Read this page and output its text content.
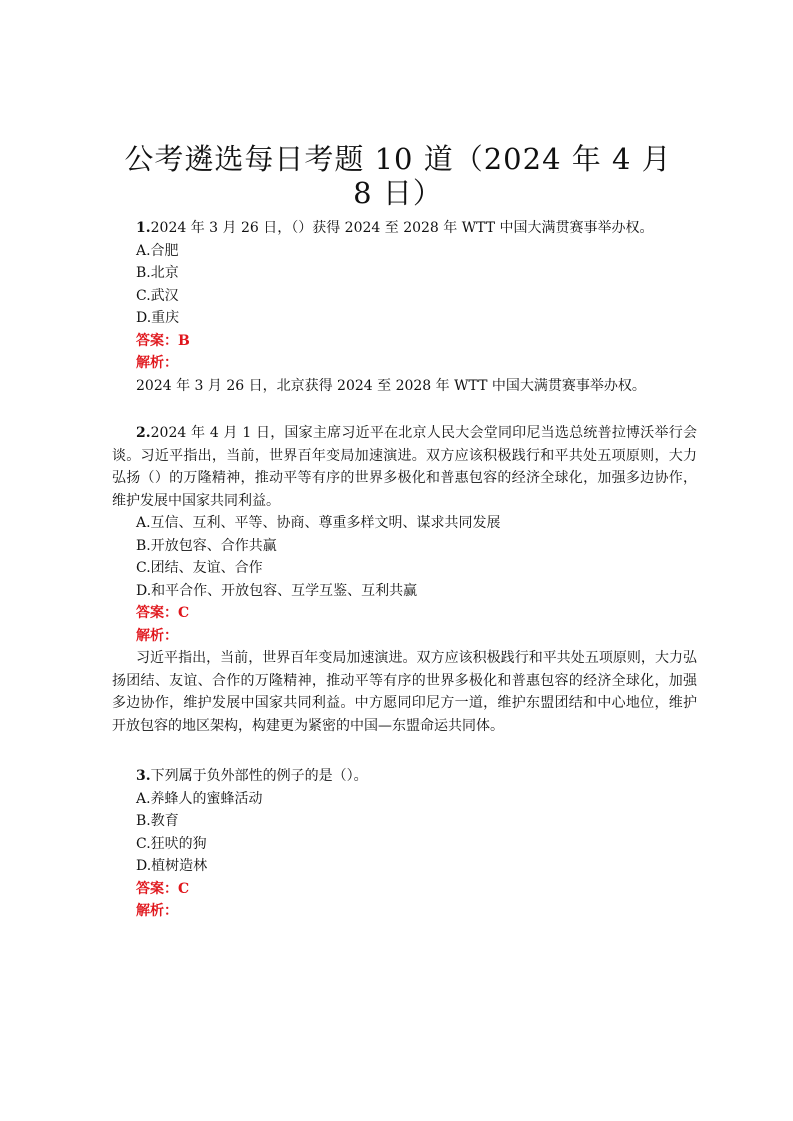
公考遴选每日考题 10 道（2024 年 4 月 8 日）
1.2024 年 3 月 26 日，（）获得 2024 至 2028 年 WTT 中国大满贯赛事举办权。
A.合肥
B.北京
C.武汉
D.重庆
答案：B
解析：
2024 年 3 月 26 日，北京获得 2024 至 2028 年 WTT 中国大满贯赛事举办权。
2.2024 年 4 月 1 日，国家主席习近平在北京人民大会堂同印尼当选总统普拉博沃举行会谈。习近平指出，当前，世界百年变局加速演进。双方应该积极践行和平共处五项原则，大力弘扬（）的万隆精神，推动平等有序的世界多极化和普惠包容的经济全球化，加强多边协作，维护发展中国家共同利益。
A.互信、互利、平等、协商、尊重多样文明、谋求共同发展
B.开放包容、合作共赢
C.团结、友谊、合作
D.和平合作、开放包容、互学互鉴、互利共赢
答案：C
解析：
习近平指出，当前，世界百年变局加速演进。双方应该积极践行和平共处五项原则，大力弘扬团结、友谊、合作的万隆精神，推动平等有序的世界多极化和普惠包容的经济全球化，加强多边协作，维护发展中国家共同利益。中方愿同印尼方一道，维护东盟团结和中心地位，维护开放包容的地区架构，构建更为紧密的中国—东盟命运共同体。
3.下列属于负外部性的例子的是（）。
A.养蜂人的蜜蜂活动
B.教育
C.狂吠的狗
D.植树造林
答案：C
解析：
